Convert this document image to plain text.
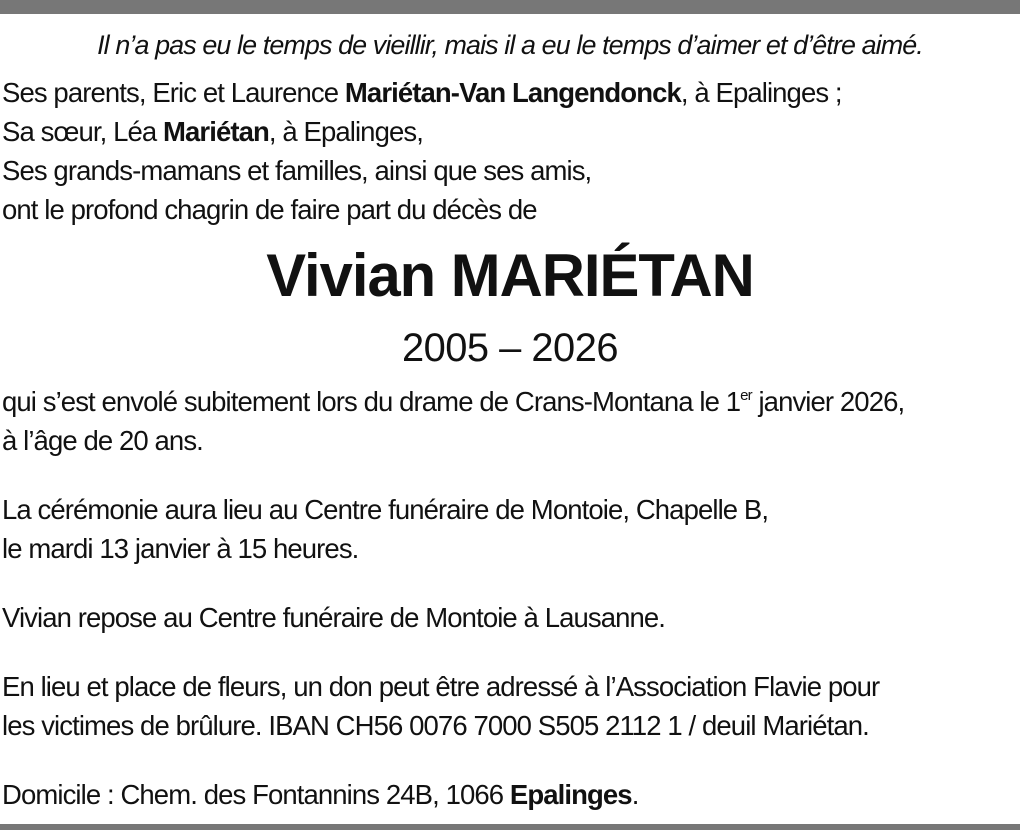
Il n’a pas eu le temps de vieillir, mais il a eu le temps d’aimer et d’être aimé.
Ses parents, Eric et Laurence Mariétan-Van Langendonck, à Epalinges ;
Sa sœur, Léa Mariétan, à Epalinges,
Ses grands-mamans et familles, ainsi que ses amis,
ont le profond chagrin de faire part du décès de
Vivian MARIÉTAN
2005 – 2026
qui s’est envolé subitement lors du drame de Crans-Montana le 1er janvier 2026,
à l’âge de 20 ans.
La cérémonie aura lieu au Centre funéraire de Montoie, Chapelle B,
le mardi 13 janvier à 15 heures.
Vivian repose au Centre funéraire de Montoie à Lausanne.
En lieu et place de fleurs, un don peut être adressé à l’Association Flavie pour
les victimes de brûlure. IBAN CH56 0076 7000 S505 2112 1 / deuil Mariétan.
Domicile : Chem. des Fontannins 24B, 1066 Epalinges.
